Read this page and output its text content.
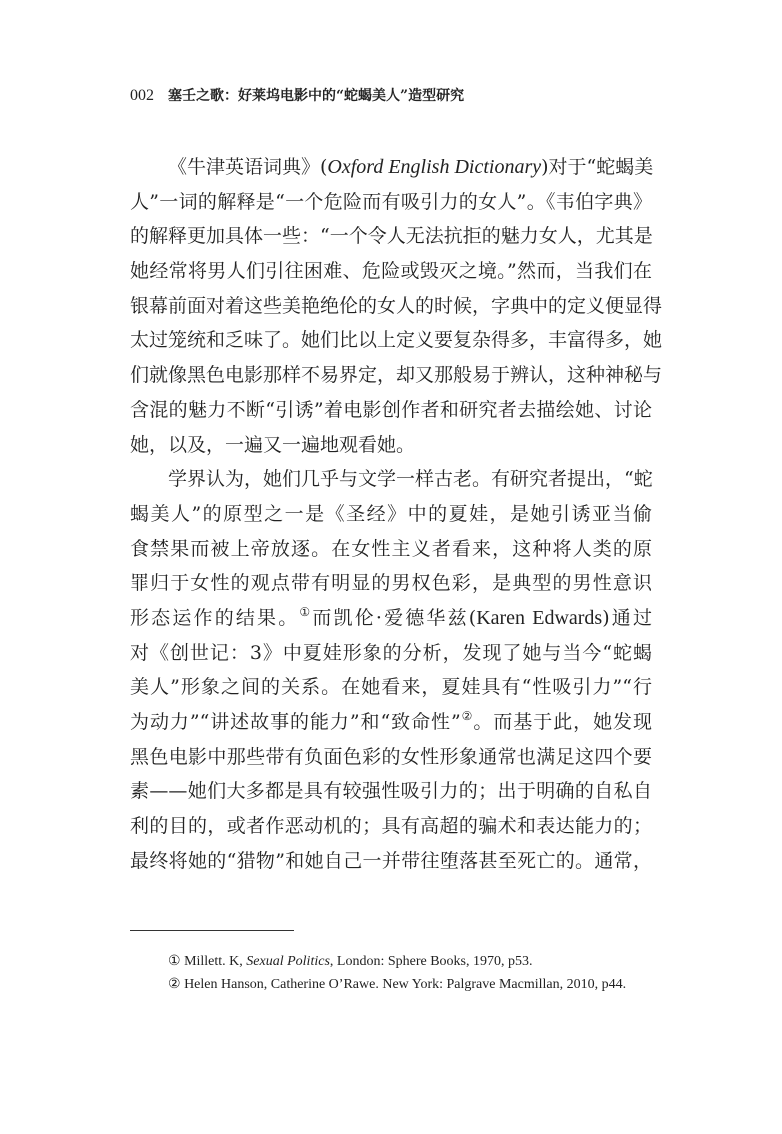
002 塞壬之歌：好莱坞电影中的“蛇蝎美人”造型研究
《牛津英语词典》(Oxford English Dictionary)对于“蛇蝎美
人”一词的解释是“一个危险而有吸引力的女人”。《韦伯字典》
的解释更加具体一些：“一个令人无法抗拒的魅力女人，尤其是
她经常将男人们引往困难、危险或毁灭之境。”然而，当我们在
银幕前面对着这些美艳绝伦的女人的时候，字典中的定义便显得
太过笼统和乏味了。她们比以上定义要复杂得多，丰富得多，她
们就像黑色电影那样不易界定，却又那般易于辨认，这种神秘与
含混的魅力不断“引诱”着电影创作者和研究者去描绘她、讨论
她，以及，一遍又一遍地观看她。
学界认为，她们几乎与文学一样古老。有研究者提出，“蛇
蝎美人”的原型之一是《圣经》中的夏娃，是她引诱亚当偷
食禁果而被上帝放逐。在女性主义者看来，这种将人类的原
罪归于女性的观点带有明显的男权色彩，是典型的男性意识
形态运作的结果。①而凯伦·爱德华兹(Karen Edwards)通过
对《创世记：3》中夏娃形象的分析，发现了她与当今“蛇蝎
美人”形象之间的关系。在她看来，夏娃具有“性吸引力”“行
为动力”“讲述故事的能力”和“致命性”②。而基于此，她发现
黑色电影中那些带有负面色彩的女性形象通常也满足这四个要
素——她们大多都是具有较强性吸引力的；出于明确的自私自
利的目的，或者作恶动机的；具有高超的骗术和表达能力的；
最终将她的“猎物”和她自己一并带往堕落甚至死亡的。通常，
① Millett. K, Sexual Politics, London: Sphere Books, 1970, p53.
② Helen Hanson, Catherine O’Rawe. New York: Palgrave Macmillan, 2010, p44.
